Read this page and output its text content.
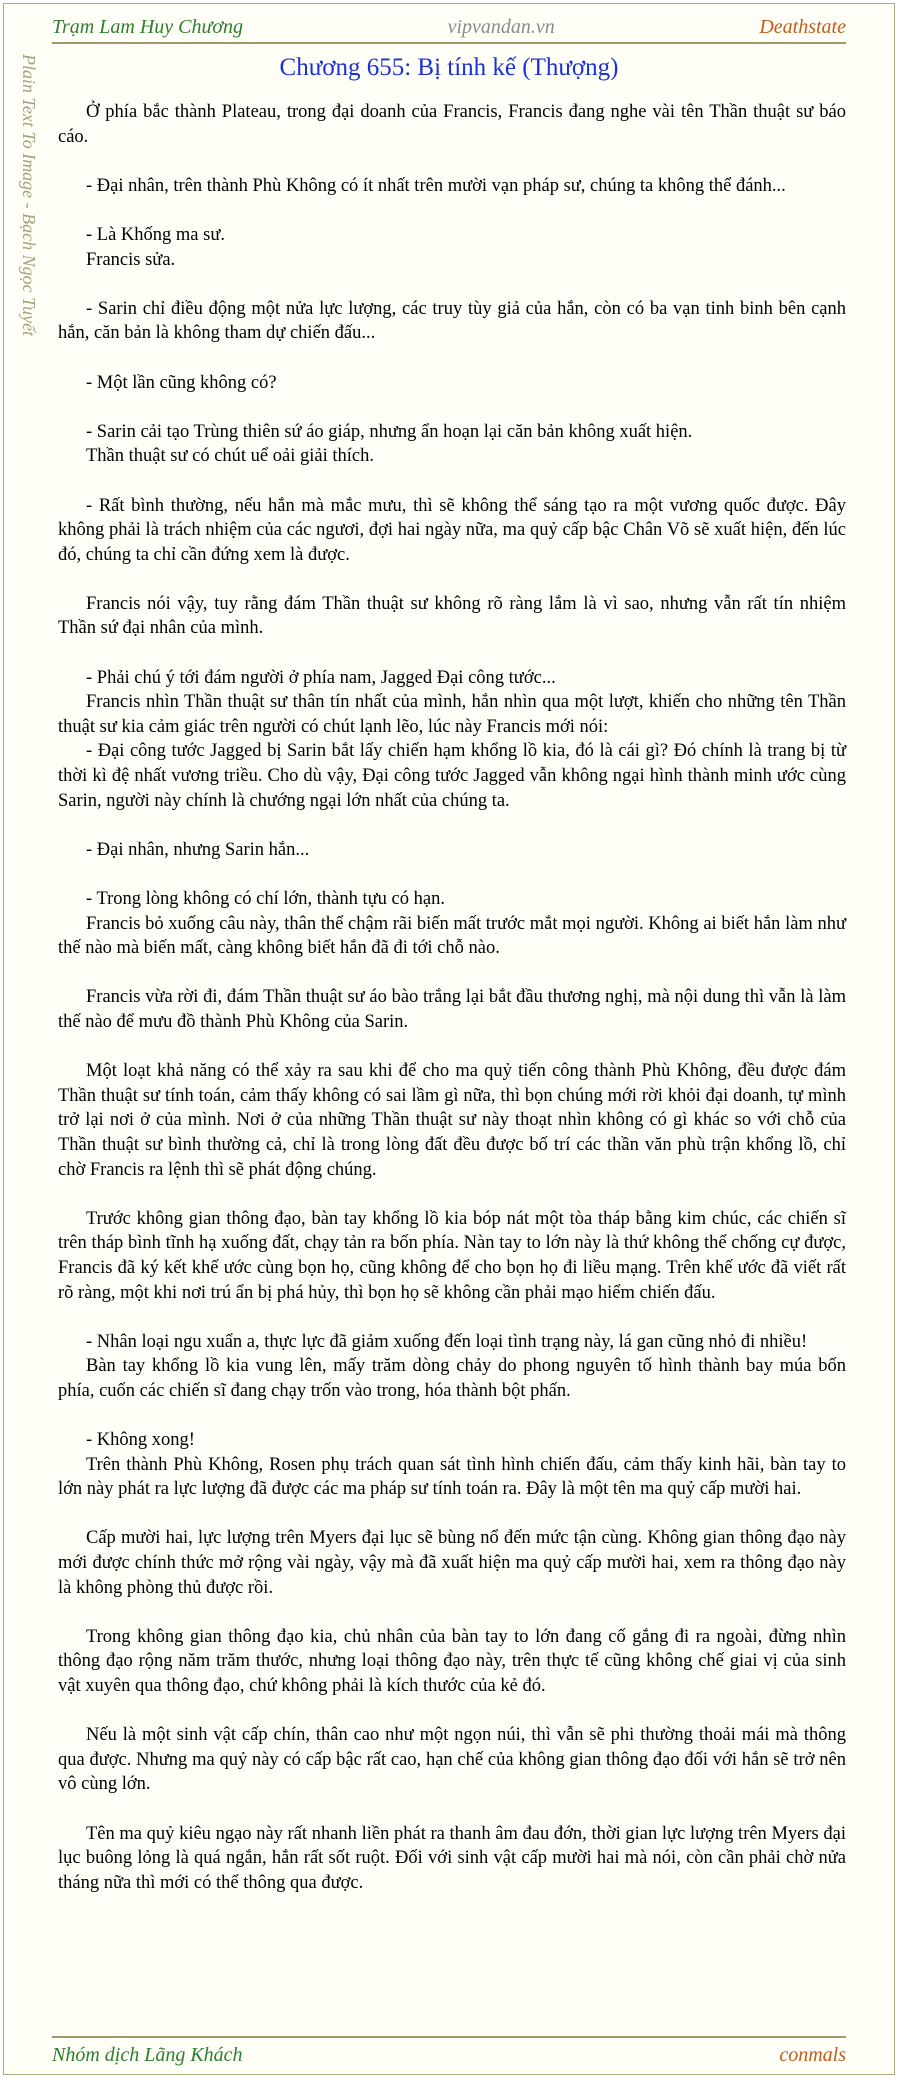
Trạm Lam Huy Chương	vipvandan.vn	Deathstate
Plain Text To Image - Bạch Ngọc Tuyết	Chương 655: Bị tính kế (Thượng)

Ở phía bắc thành Plateau, trong đại doanh của Francis, Francis đang nghe vài tên Thần thuật sư báo cáo.

- Đại nhân, trên thành Phù Không có ít nhất trên mười vạn pháp sư, chúng ta không thể đánh...

- Là Khống ma sư.

Francis sửa.

- Sarin chỉ điều động một nửa lực lượng, các truy tùy giả của hắn, còn có ba vạn tinh binh bên cạnh hắn, căn bản là không tham dự chiến đấu...

- Một lần cũng không có?

- Sarin cải tạo Trùng thiên sứ áo giáp, nhưng ẩn hoạn lại căn bản không xuất hiện.

Thần thuật sư có chút uể oải giải thích.

- Rất bình thường, nếu hắn mà mắc mưu, thì sẽ không thể sáng tạo ra một vương quốc được. Đây không phải là trách nhiệm của các ngươi, đợi hai ngày nữa, ma quỷ cấp bậc Chân Võ sẽ xuất hiện, đến lúc đó, chúng ta chỉ cần đứng xem là được.

Francis nói vậy, tuy rằng đám Thần thuật sư không rõ ràng lắm là vì sao, nhưng vẫn rất tín nhiệm Thần sứ đại nhân của mình.

- Phải chú ý tới đám người ở phía nam, Jagged Đại công tước...

Francis nhìn Thần thuật sư thân tín nhất của mình, hắn nhìn qua một lượt, khiến cho những tên Thần thuật sư kia cảm giác trên người có chút lạnh lẽo, lúc này Francis mới nói:

- Đại công tước Jagged bị Sarin bắt lấy chiến hạm khổng lồ kia, đó là cái gì? Đó chính là trang bị từ thời kì đệ nhất vương triều. Cho dù vậy, Đại công tước Jagged vẫn không ngại hình thành minh ước cùng Sarin, người này chính là chướng ngại lớn nhất của chúng ta.

- Đại nhân, nhưng Sarin hắn...

- Trong lòng không có chí lớn, thành tựu có hạn.

Francis bỏ xuống câu này, thân thể chậm rãi biến mất trước mắt mọi người. Không ai biết hắn làm như thế nào mà biến mất, càng không biết hắn đã đi tới chỗ nào.

Francis vừa rời đi, đám Thần thuật sư áo bào trắng lại bắt đầu thương nghị, mà nội dung thì vẫn là làm thế nào để mưu đồ thành Phù Không của Sarin.

Một loạt khả năng có thể xảy ra sau khi để cho ma quỷ tiến công thành Phù Không, đều được đám Thần thuật sư tính toán, cảm thấy không có sai lầm gì nữa, thì bọn chúng mới rời khỏi đại doanh, tự mình trở lại nơi ở của mình. Nơi ở của những Thần thuật sư này thoạt nhìn không có gì khác so với chỗ của Thần thuật sư bình thường cả, chỉ là trong lòng đất đều được bố trí các thần văn phù trận khổng lồ, chỉ chờ Francis ra lệnh thì sẽ phát động chúng.

Trước không gian thông đạo, bàn tay khổng lồ kia bóp nát một tòa tháp bằng kim chúc, các chiến sĩ trên tháp bình tĩnh hạ xuống đất, chạy tản ra bốn phía. Nàn tay to lớn này là thứ không thể chống cự được, Francis đã ký kết khế ước cùng bọn họ, cũng không để cho bọn họ đi liều mạng. Trên khế ước đã viết rất rõ ràng, một khi nơi trú ẩn bị phá hủy, thì bọn họ sẽ không cần phải mạo hiểm chiến đấu.

- Nhân loại ngu xuẩn a, thực lực đã giảm xuống đến loại tình trạng này, lá gan cũng nhỏ đi nhiều!

Bàn tay khổng lồ kia vung lên, mấy trăm dòng chảy do phong nguyên tố hình thành bay múa bốn phía, cuốn các chiến sĩ đang chạy trốn vào trong, hóa thành bột phấn.

- Không xong!

Trên thành Phù Không, Rosen phụ trách quan sát tình hình chiến đấu, cảm thấy kinh hãi, bàn tay to lớn này phát ra lực lượng đã được các ma pháp sư tính toán ra. Đây là một tên ma quỷ cấp mười hai.

Cấp mười hai, lực lượng trên Myers đại lục sẽ bùng nổ đến mức tận cùng. Không gian thông đạo này mới được chính thức mở rộng vài ngày, vậy mà đã xuất hiện ma quỷ cấp mười hai, xem ra thông đạo này là không phòng thủ được rồi.

Trong không gian thông đạo kia, chủ nhân của bàn tay to lớn đang cố gắng đi ra ngoài, đừng nhìn thông đạo rộng năm trăm thước, nhưng loại thông đạo này, trên thực tế cũng không chế giai vị của sinh vật xuyên qua thông đạo, chứ không phải là kích thước của kẻ đó.

Nếu là một sinh vật cấp chín, thân cao như một ngọn núi, thì vẫn sẽ phi thường thoải mái mà thông qua được. Nhưng ma quỷ này có cấp bậc rất cao, hạn chế của không gian thông đạo đối với hắn sẽ trở nên vô cùng lớn.

Tên ma quỷ kiêu ngạo này rất nhanh liền phát ra thanh âm đau đớn, thời gian lực lượng trên Myers đại lục buông lỏng là quá ngắn, hắn rất sốt ruột. Đối với sinh vật cấp mười hai mà nói, còn cần phải chờ nửa tháng nữa thì mới có thể thông qua được.

Nhóm dịch Lãng Khách	conmals
